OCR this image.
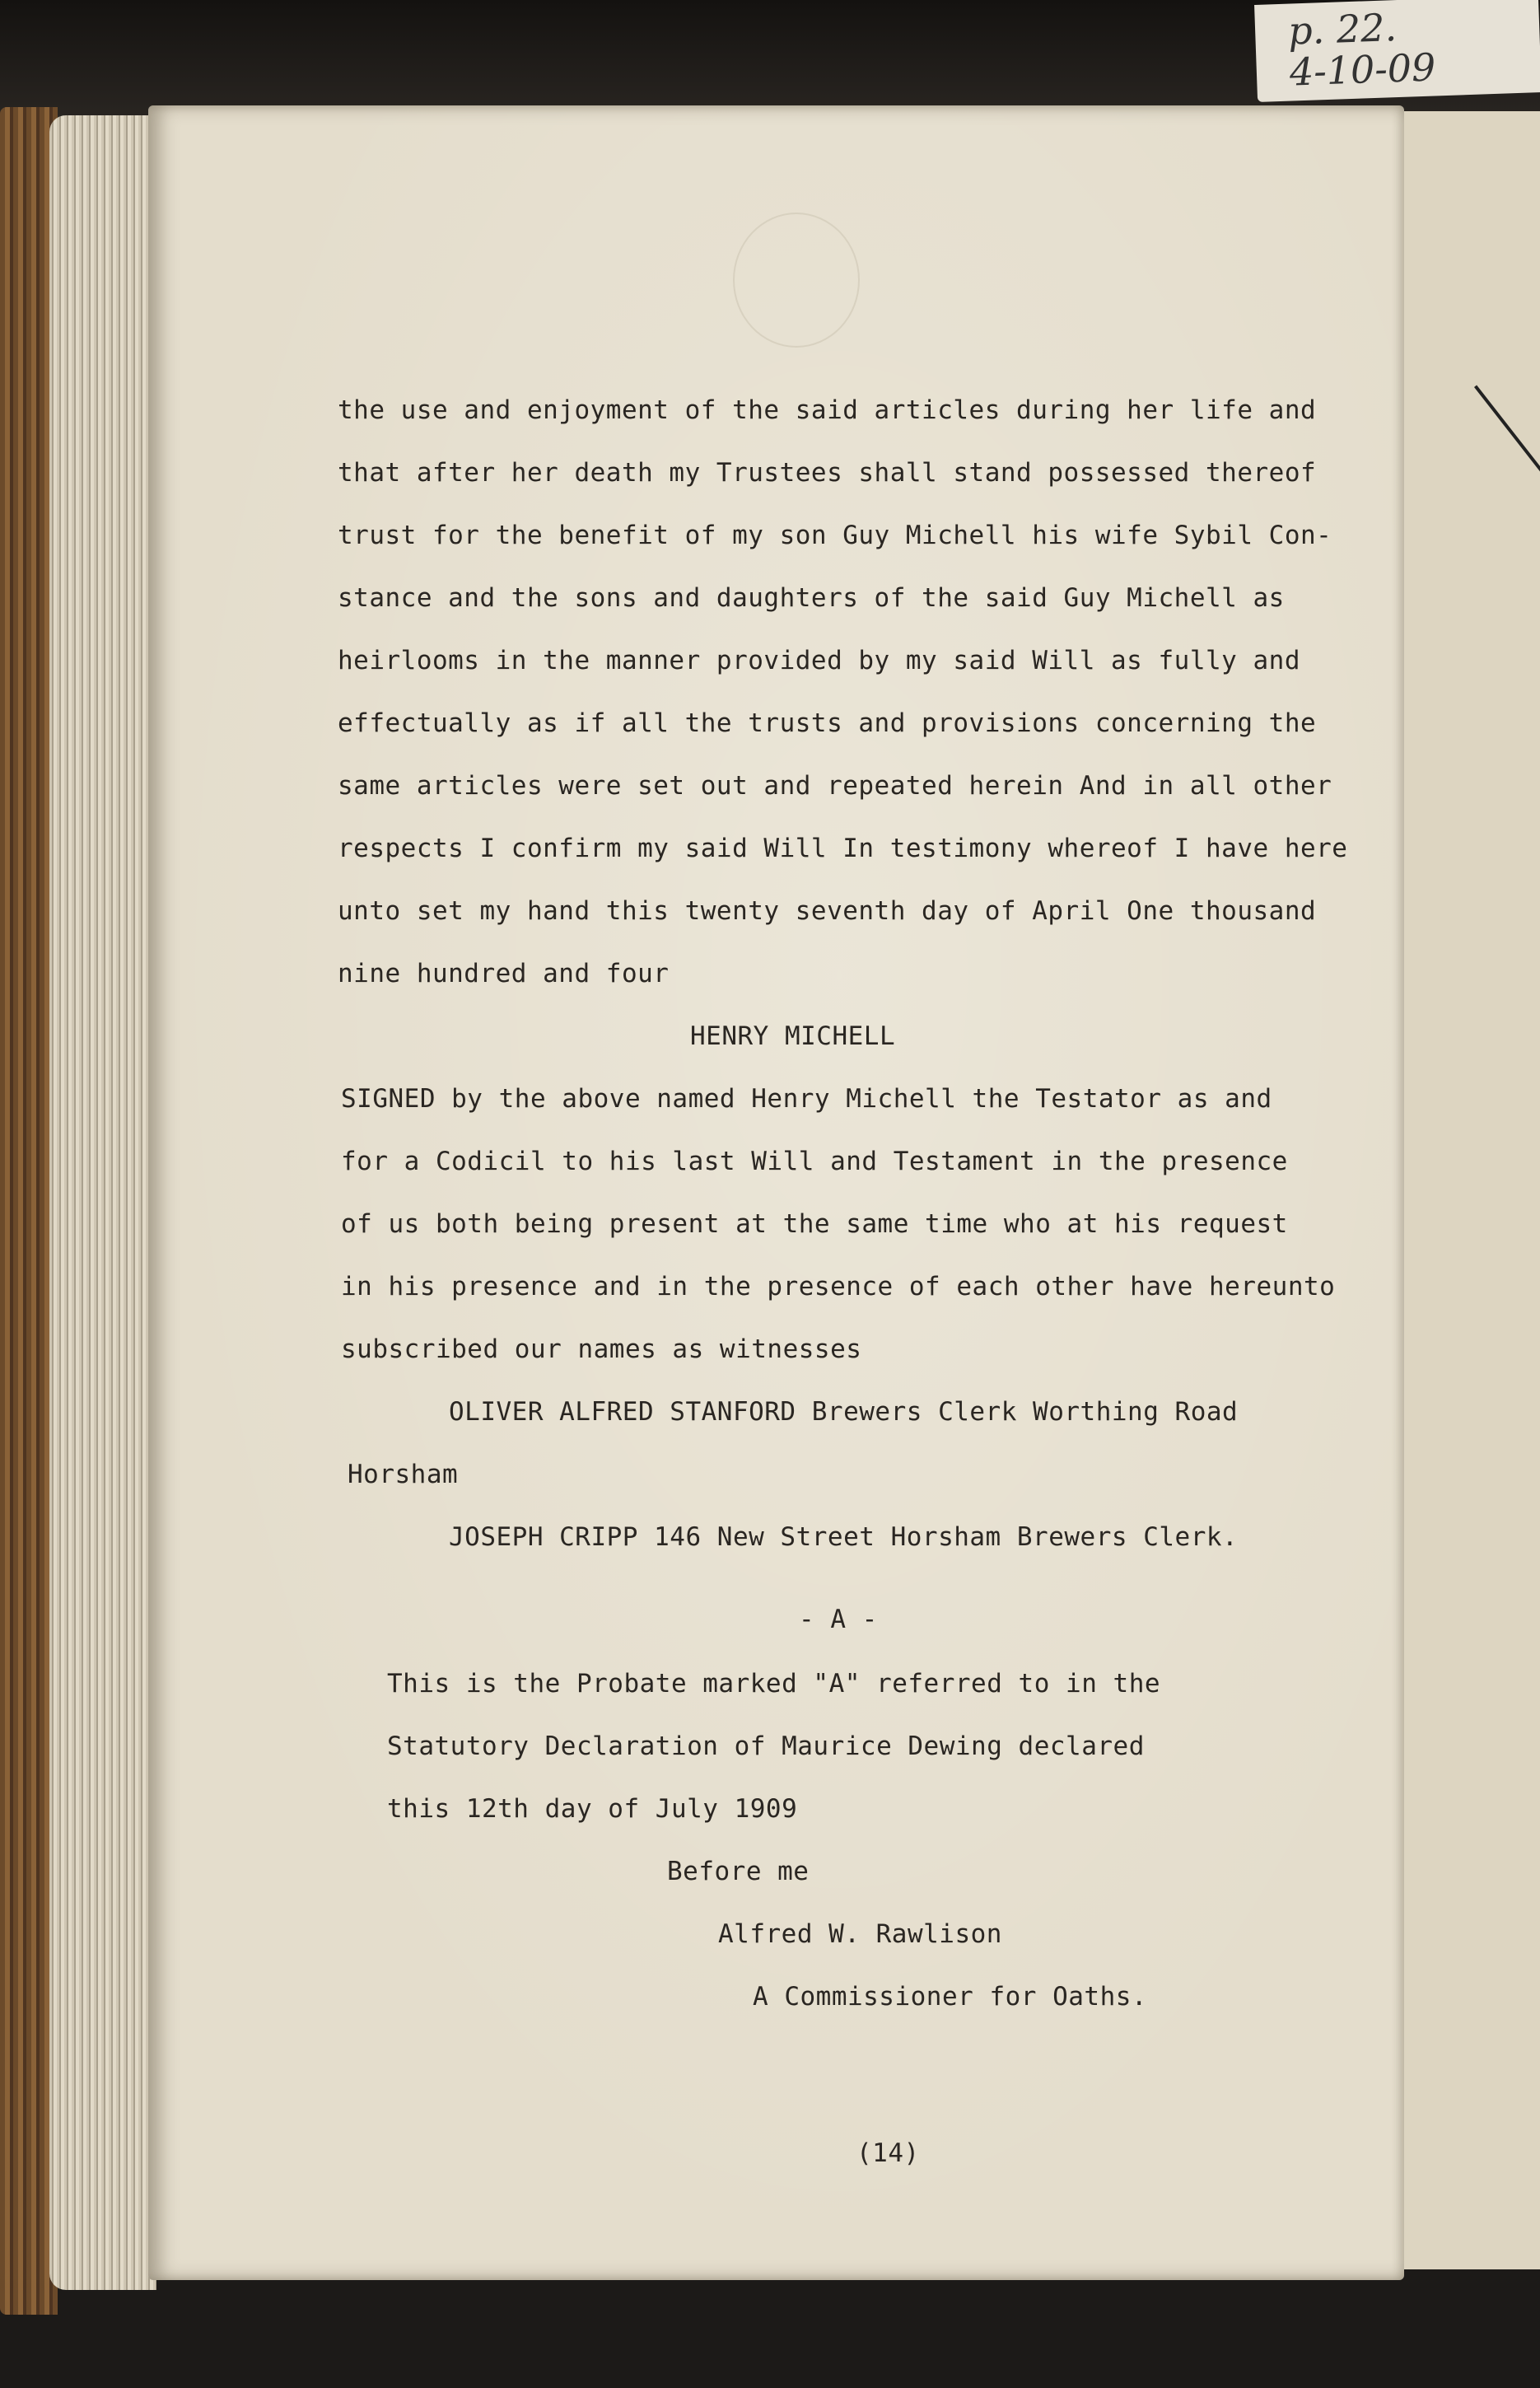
p. 22.
4-10-09
the use and enjoyment of the said articles during her life and
that after her death my Trustees shall stand possessed thereof
trust for the benefit of my son Guy Michell his wife Sybil Con-
stance and the sons and daughters of the said Guy Michell as
heirlooms in the manner provided by my said Will as fully and
effectually as if all the trusts and provisions concerning the
same articles were set out and repeated herein And in all other
respects I confirm my said Will In testimony whereof I have here
unto set my hand this twenty seventh day of April One thousand
nine hundred and four
HENRY MICHELL
SIGNED by the above named Henry Michell the Testator as and
for a Codicil to his last Will and Testament in the presence
of us both being present at the same time who at his request
in his presence and in the presence of each other have hereunto
subscribed our names as witnesses
OLIVER ALFRED STANFORD Brewers Clerk Worthing Road
Horsham
JOSEPH CRIPP 146 New Street Horsham Brewers Clerk.
- A -
This is the Probate marked "A" referred to in the
Statutory Declaration of Maurice Dewing declared
this 12th day of July 1909
Before me
Alfred W. Rawlison
A Commissioner for Oaths.
(14)
